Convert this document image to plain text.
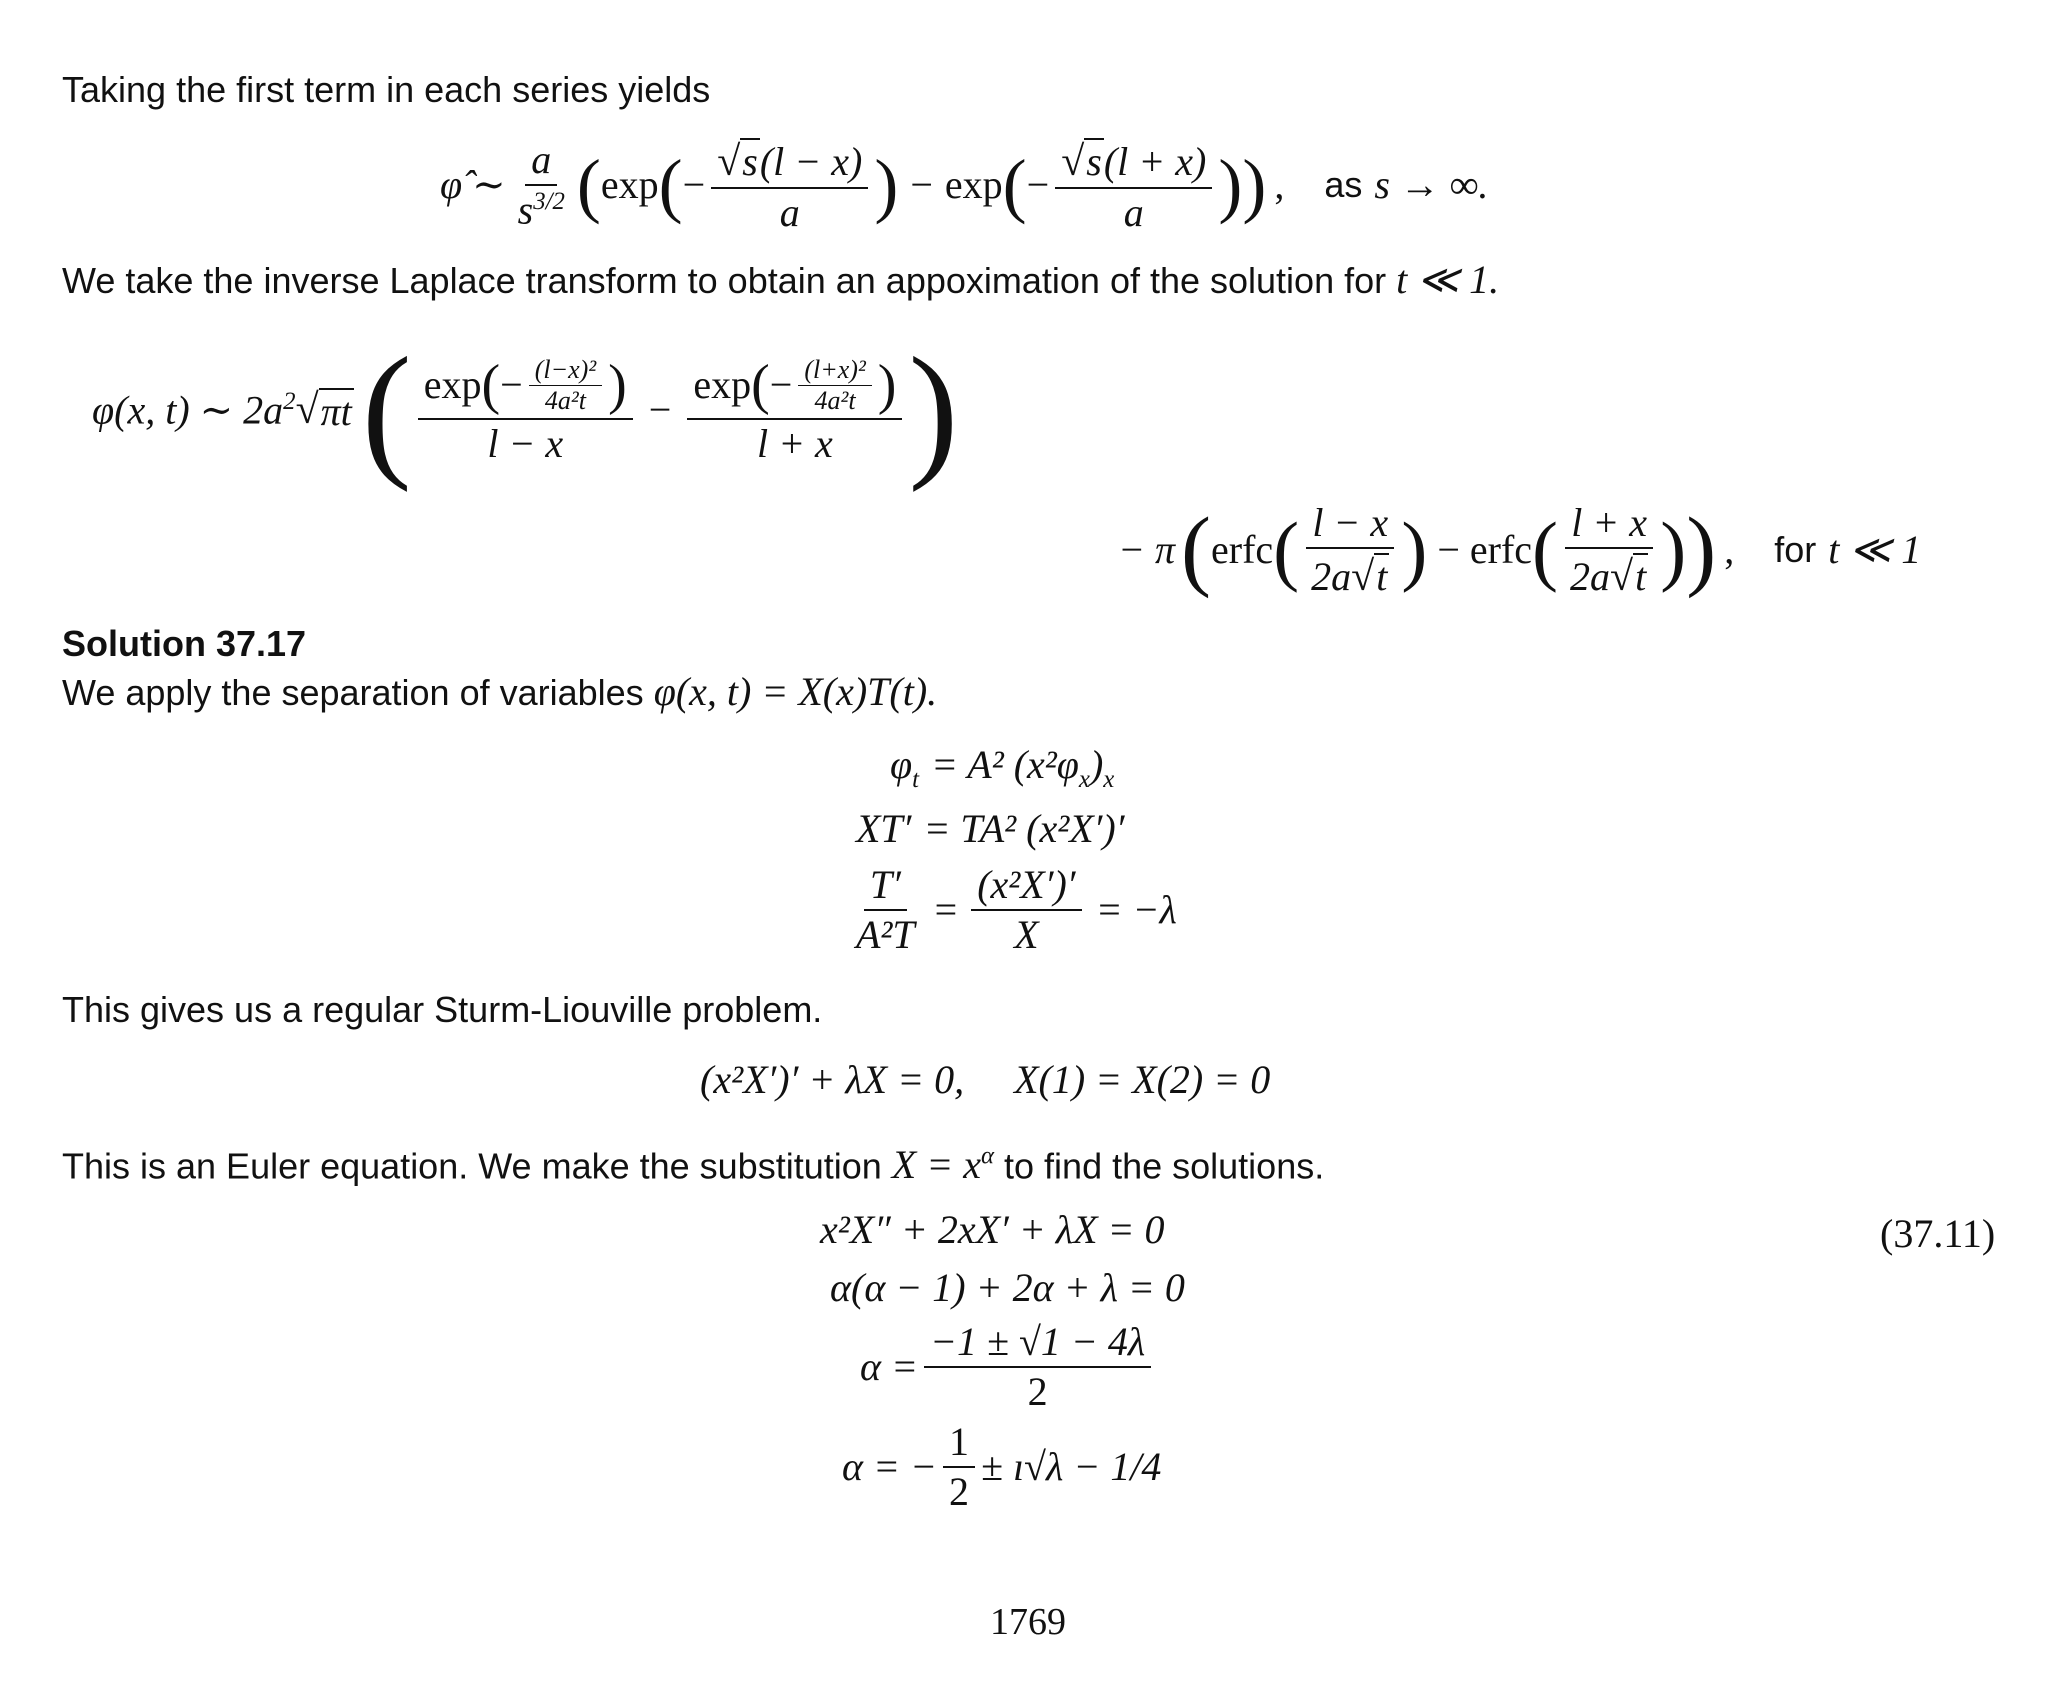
Taking the first term in each series yields
φ̂ ∼ $\frac{a}{s^{3/2}}$ ( exp ( − $\frac{√s(l - x)}{a}$ ) − exp ( − $\frac{√s(l + x)}{a}$ )) , as s → ∞.
We take the inverse Laplace transform to obtain an appoximation of the solution for t ≪ 1.
φ(x, t) ∼ $2a^2$ √ πt ( exp ( − $\frac{\text{(l−x)²}}{\text{4a²t}}$ )
l − x
−
exp ( − $\frac{\text{(l+x)²}}{\text{4a²t}}$ )
l + x )
− π ( erfc ( $\frac{l - x}{2a√t}$ ) − erfc ( $\frac{l + x}{2a√t}$ ) ) , for t ≪ 1
Solution 37.17
We apply the separation of variables φ(x, t) = X(x)T(t).
$\varphi_t = A^2$ $(x^2\varphi_x)_x$
XT′ = TA² (x²X′)′
$\frac{T'}{\text{A²T}} = \frac{\text{(x²X′)′}}{X} = -\lambda$
This gives us a regular Sturm-Liouville problem.
(x²X′)′ + λX = 0,     X(1) = X(2) = 0
This is an Euler equation. We make the substitution $X = x^\alpha$ to find the solutions.
x²X″ + 2xX′ + λX = 0
α(α − 1) + 2α + λ = 0
$\alpha = \frac{-1 \pm √1 - 4\lambda}{2}$
α = − $\frac{1}{2}$ ± ı√λ − 1/4
(37.11)
1769
